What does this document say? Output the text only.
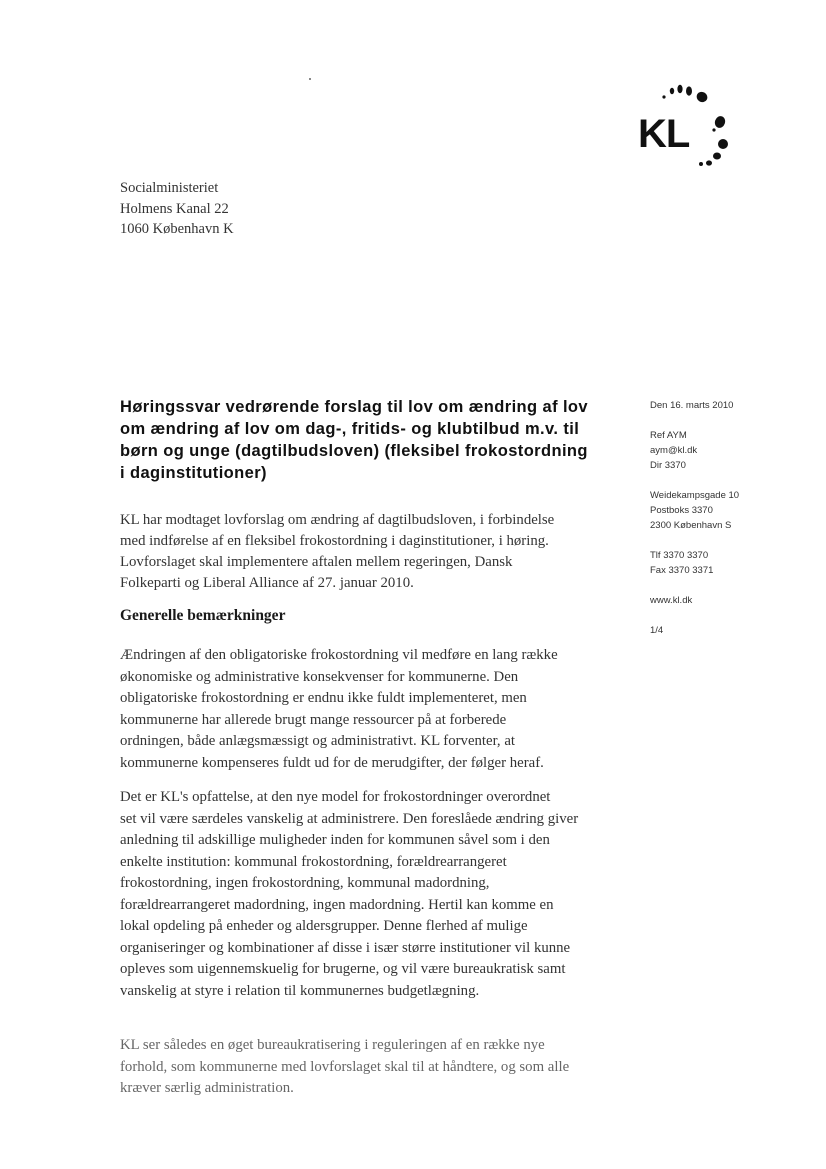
KL
Socialministeriet
Holmens Kanal 22
1060 København K
Høringssvar vedrørende forslag til lov om ændring af lov om ændring af lov om dag-, fritids- og klubtilbud m.v. til børn og unge (dagtilbudsloven) (fleksibel frokostordning i daginstitutioner)
Den 16. marts 2010
Ref AYM
aym@kl.dk
Dir 3370
Weidekampsgade 10
Postboks 3370
2300 København S
Tlf 3370 3370
Fax 3370 3371
www.kl.dk
1/4
KL har modtaget lovforslag om ændring af dagtilbudsloven, i forbindelse
med indførelse af en fleksibel frokostordning i daginstitutioner, i høring.
Lovforslaget skal implementere aftalen mellem regeringen, Dansk
Folkeparti og Liberal Alliance af 27. januar 2010.
Generelle bemærkninger
Ændringen af den obligatoriske frokostordning vil medføre en lang række
økonomiske og administrative konsekvenser for kommunerne. Den
obligatoriske frokostordning er endnu ikke fuldt implementeret, men
kommunerne har allerede brugt mange ressourcer på at forberede
ordningen, både anlægsmæssigt og administrativt. KL forventer, at
kommunerne kompenseres fuldt ud for de merudgifter, der følger heraf.
Det er KL's opfattelse, at den nye model for frokostordninger overordnet
set vil være særdeles vanskelig at administrere. Den foreslåede ændring giver
anledning til adskillige muligheder inden for kommunen såvel som i den
enkelte institution: kommunal frokostordning, forældrearrangeret
frokostordning, ingen frokostordning, kommunal madordning,
forældrearrangeret madordning, ingen madordning. Hertil kan komme en
lokal opdeling på enheder og aldersgrupper. Denne flerhed af mulige
organiseringer og kombinationer af disse i især større institutioner vil kunne
opleves som uigennemskuelig for brugerne, og vil være bureaukratisk samt
vanskelig at styre i relation til kommunernes budgetlægning.
KL ser således en øget bureaukratisering i reguleringen af en række nye
forhold, som kommunerne med lovforslaget skal til at håndtere, og som alle
kræver særlig administration.
